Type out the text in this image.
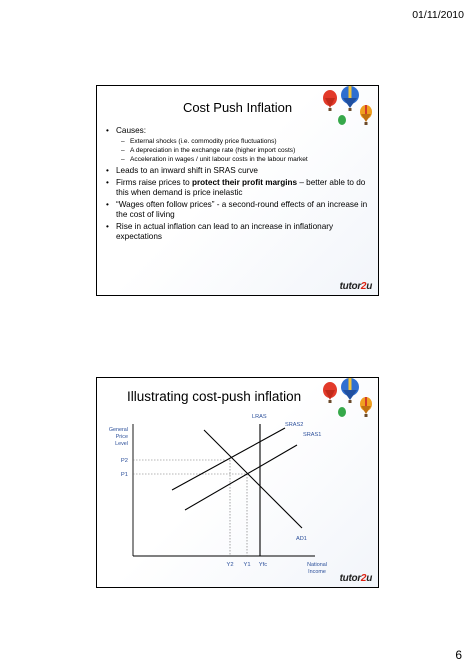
01/11/2010
Cost Push Inflation
• Causes:
– External shocks (i.e. commodity price fluctuations)
– A depreciation in the exchange rate (higher import costs)
– Acceleration in wages / unit labour costs in the labour market
• Leads to an inward shift in SRAS curve
• Firms raise prices to protect their profit margins – better able to do this when demand is price inelastic
• “Wages often follow prices” - a second-round effects of an increase in the cost of living
• Rise in actual inflation can lead to an increase in inflationary expectations
tutor2u
Illustrating cost-push inflation
LRAS
SRAS2
SRAS1
AD1
General
Price
Level
P2
P1
Y2 Y1 Yfc	National
Income
tutor2u
6
